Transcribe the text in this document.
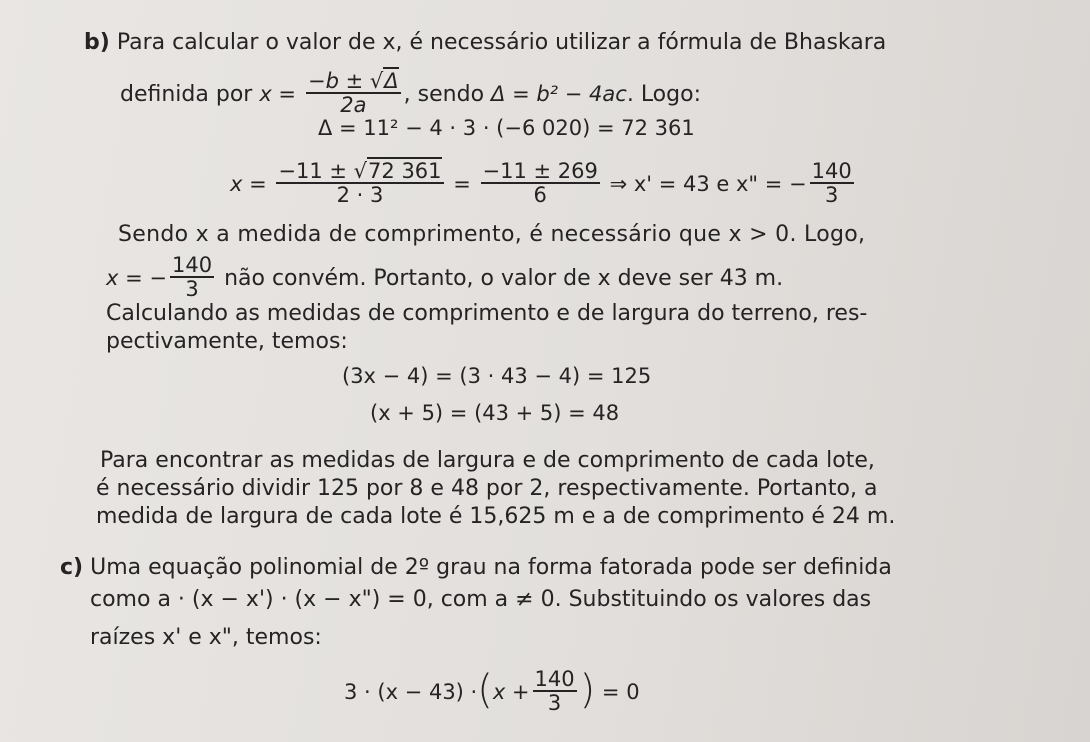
b) Para calcular o valor de x, é necessário utilizar a fórmula de Bhaskara
definida por $x = \frac{-b \pm √\Delta}{2a}$ , sendo Δ = b² − 4ac. Logo:
Δ = 11² − 4 · 3 · (−6 020) = 72 361
$x = \frac{-11 \pm √72 361}{2 \cdot 3} = \frac{-11 \pm 269}{6}$ ⇒ x' = 43 e x" = − $\frac{140}{3}$
Sendo x a medida de comprimento, é necessário que x > 0. Logo,
x = − $\frac{140}{3}$ não convém. Portanto, o valor de x deve ser 43 m.
Calculando as medidas de comprimento e de largura do terreno, res-
pectivamente, temos:
(3x − 4) = (3 · 43 − 4) = 125
(x + 5) = (43 + 5) = 48
Para encontrar as medidas de largura e de comprimento de cada lote,
é necessário dividir 125 por 8 e 48 por 2, respectivamente. Portanto, a
medida de largura de cada lote é 15,625 m e a de comprimento é 24 m.
c) Uma equação polinomial de 2º grau na forma fatorada pode ser definida
como a · (x − x') · (x − x") = 0, com a ≠ 0. Substituindo os valores das
raízes x' e x", temos:
$3 \cdot (x - 43) \cdot(x + \frac{140}{3}$ ) = 0
